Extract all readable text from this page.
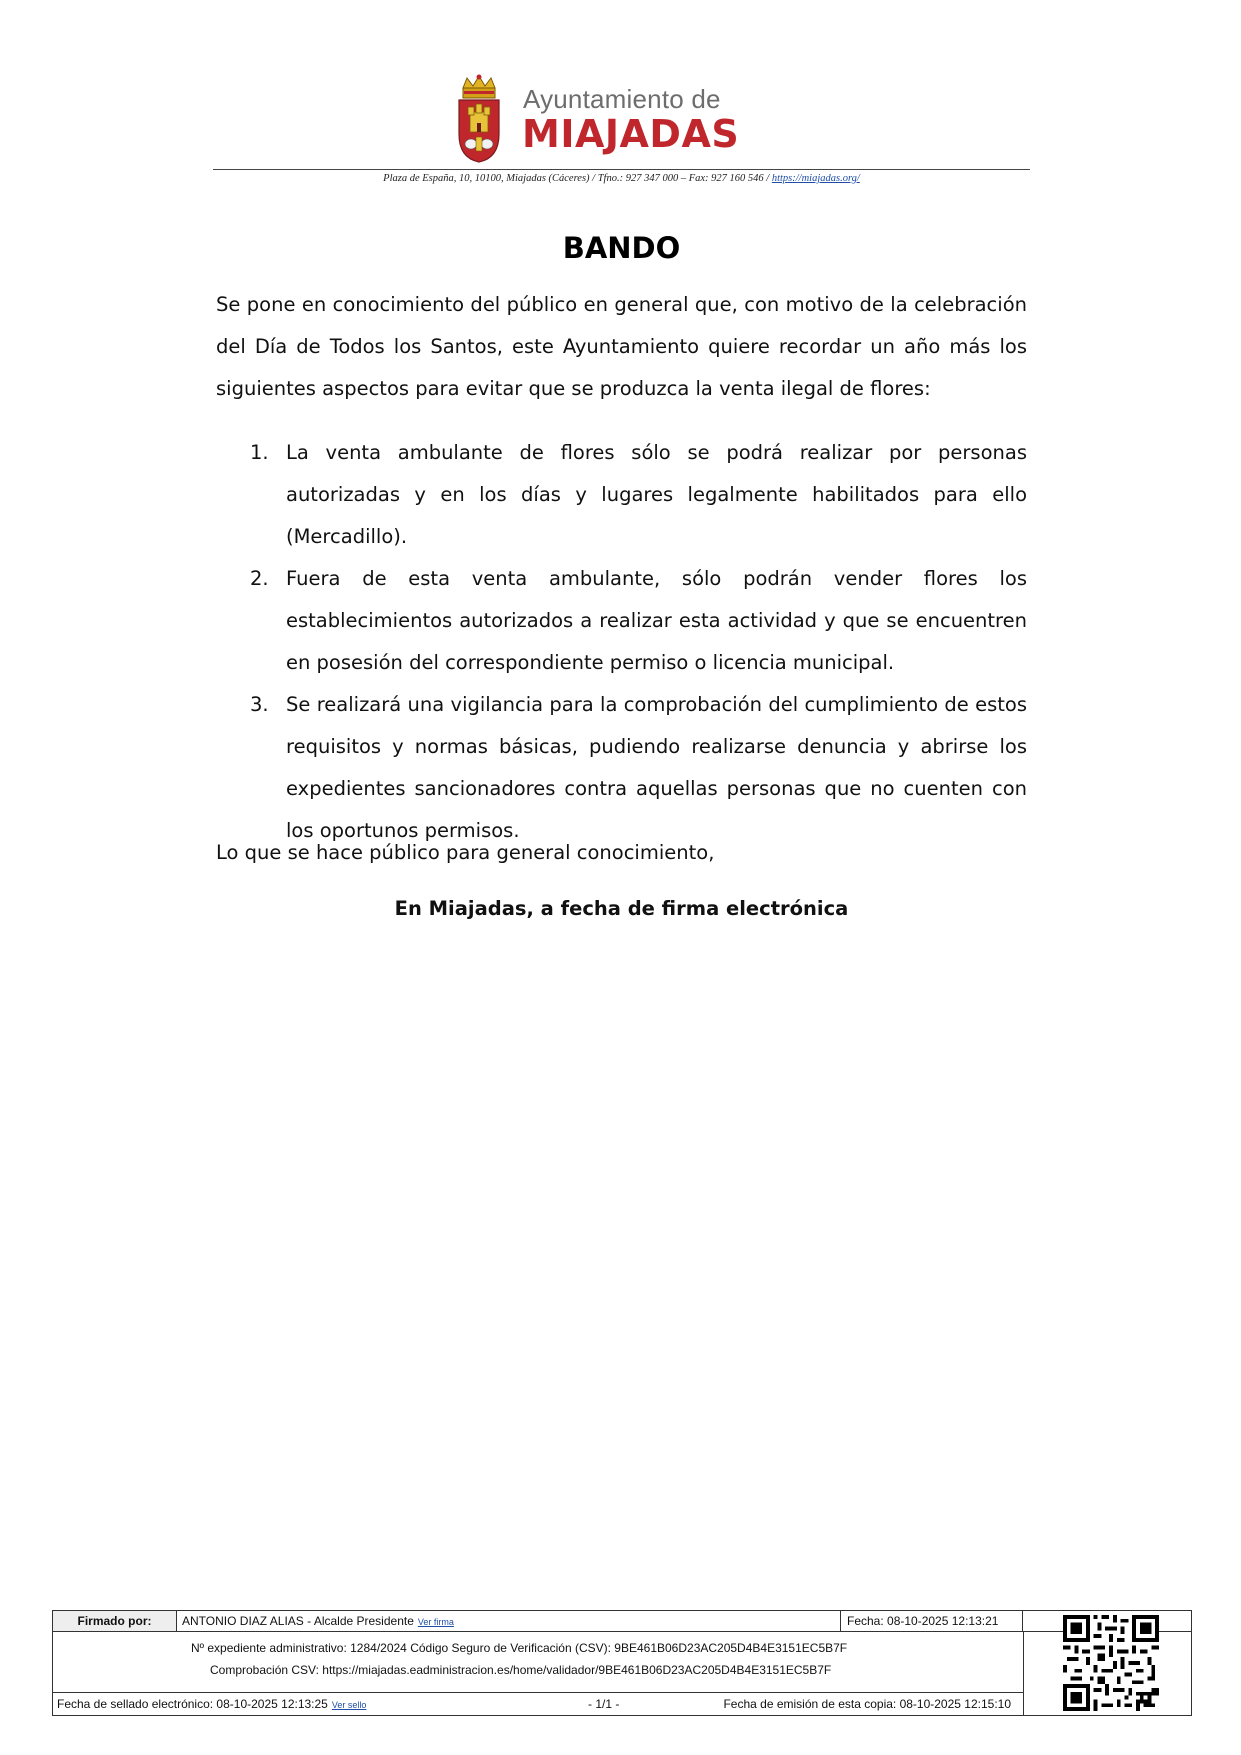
Ayuntamiento de
MIAJADAS
Plaza de España, 10, 10100, Miajadas (Cáceres) / Tfno.: 927 347 000 – Fax: 927 160 546 / https://miajadas.org/
BANDO
Se pone en conocimiento del público en general que, con motivo de la celebración del Día de Todos los Santos, este Ayuntamiento quiere recordar un año más los siguientes aspectos para evitar que se produzca la venta ilegal de flores:
1. La venta ambulante de flores sólo se podrá realizar por personas autorizadas y en los días y lugares legalmente habilitados para ello (Mercadillo).
2. Fuera de esta venta ambulante, sólo podrán vender flores los establecimientos autorizados a realizar esta actividad y que se encuentren en posesión del correspondiente permiso o licencia municipal.
3. Se realizará una vigilancia para la comprobación del cumplimiento de estos requisitos y normas básicas, pudiendo realizarse denuncia y abrirse los expedientes sancionadores contra aquellas personas que no cuenten con los oportunos permisos.
Lo que se hace público para general conocimiento,
En Miajadas, a fecha de firma electrónica
Firmado por:	ANTONIO DIAZ ALIAS - Alcalde Presidente Ver firma	Fecha: 08-10-2025 12:13:21
Nº expediente administrativo: 1284/2024 Código Seguro de Verificación (CSV): 9BE461B06D23AC205D4B4E3151EC5B7F
Comprobación CSV: https://miajadas.eadministracion.es/home/validador/9BE461B06D23AC205D4B4E3151EC5B7F
Fecha de sellado electrónico: 08-10-2025 12:13:25 Ver sello	- 1/1 -	Fecha de emisión de esta copia: 08-10-2025 12:15:10
